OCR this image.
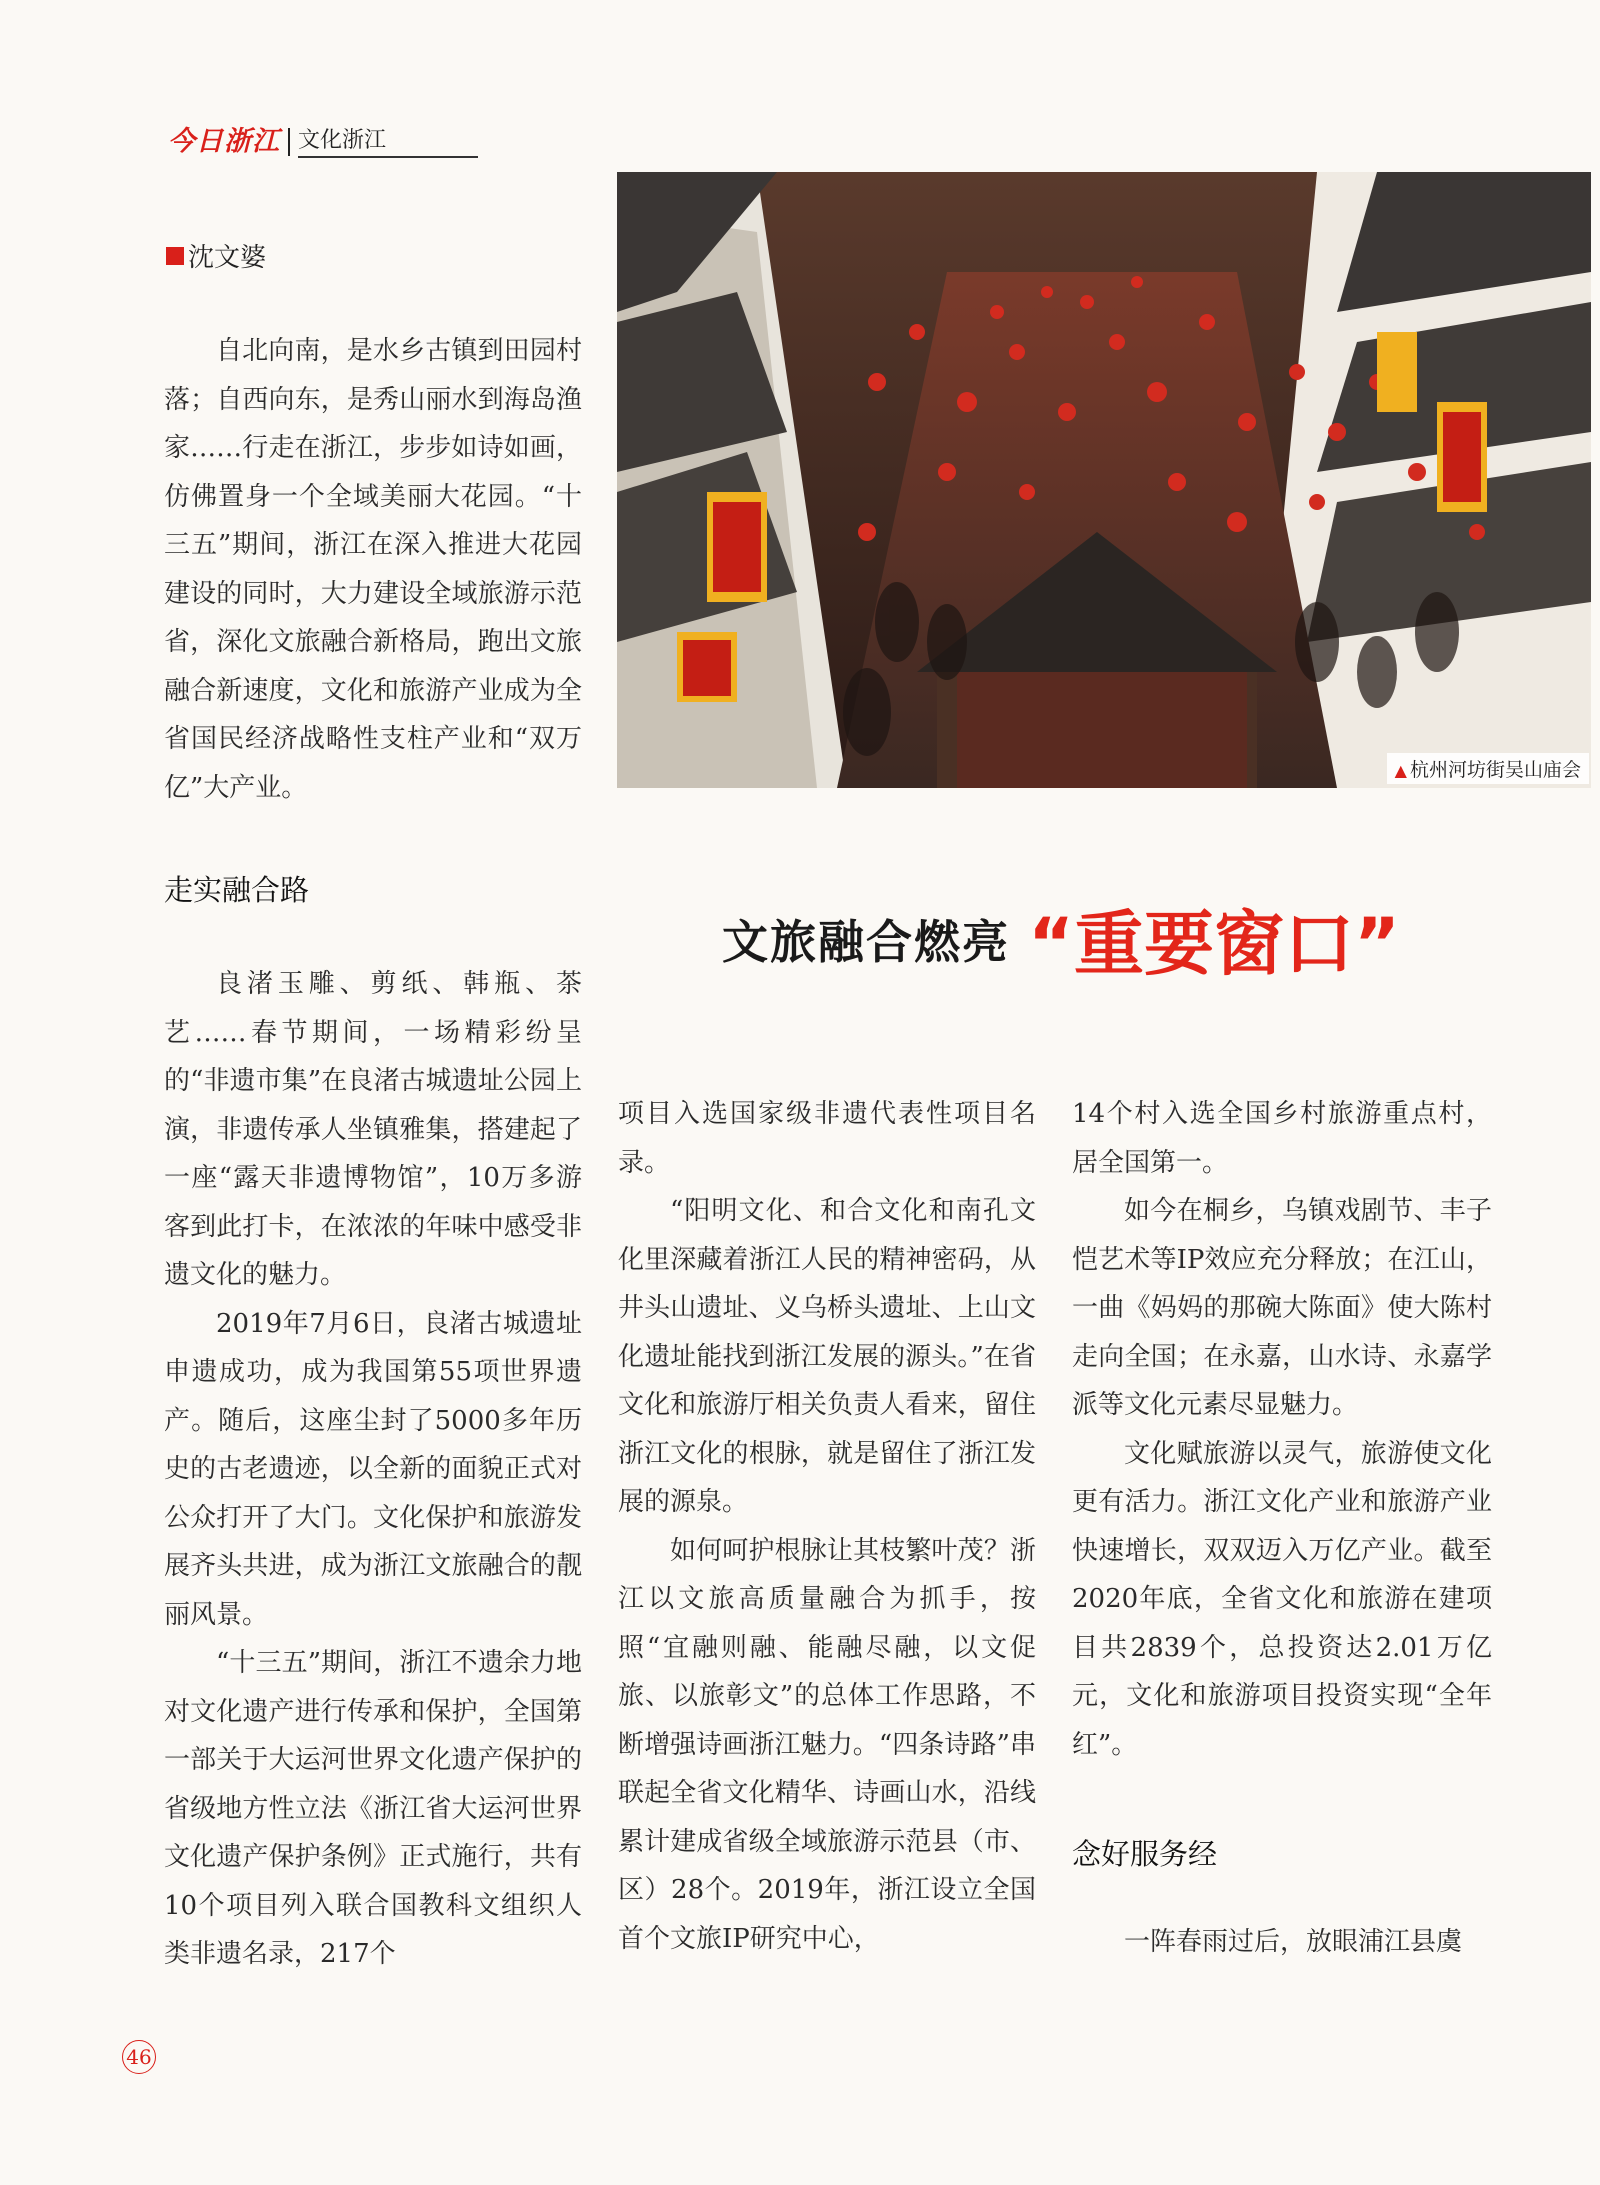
今日浙江 文化浙江
沈文婆

自北向南，是水乡古镇到田园村落；自西向东，是秀山丽水到海岛渔家……行走在浙江，步步如诗如画，仿佛置身一个全域美丽大花园。“十三五”期间，浙江在深入推进大花园建设的同时，大力建设全域旅游示范省，深化文旅融合新格局，跑出文旅融合新速度，文化和旅游产业成为全省国民经济战略性支柱产业和“双万亿”大产业。

▲ 杭州河坊街吴山庙会
文旅融合燃亮 “重要窗口”
走实融合路

良渚玉雕、剪纸、韩瓶、茶艺……春节期间，一场精彩纷呈的“非遗市集”在良渚古城遗址公园上演，非遗传承人坐镇雅集，搭建起了一座“露天非遗博物馆”，10万多游客到此打卡，在浓浓的年味中感受非遗文化的魅力。

2019年7月6日，良渚古城遗址申遗成功，成为我国第55项世界遗产。随后，这座尘封了5000多年历史的古老遗迹，以全新的面貌正式对公众打开了大门。文化保护和旅游发展齐头共进，成为浙江文旅融合的靓丽风景。

“十三五”期间，浙江不遗余力地对文化遗产进行传承和保护，全国第一部关于大运河世界文化遗产保护的省级地方性立法《浙江省大运河世界文化遗产保护条例》正式施行，共有10个项目列入联合国教科文组织人类非遗名录，217个

项目入选国家级非遗代表性项目名录。

“阳明文化、和合文化和南孔文化里深藏着浙江人民的精神密码，从井头山遗址、义乌桥头遗址、上山文化遗址能找到浙江发展的源头。”在省文化和旅游厅相关负责人看来，留住浙江文化的根脉，就是留住了浙江发展的源泉。

如何呵护根脉让其枝繁叶茂？浙江以文旅高质量融合为抓手，按照“宜融则融、能融尽融，以文促旅、以旅彰文”的总体工作思路，不断增强诗画浙江魅力。“四条诗路”串联起全省文化精华、诗画山水，沿线累计建成省级全域旅游示范县（市、区）28个。2019年，浙江设立全国首个文旅IP研究中心，

14个村入选全国乡村旅游重点村，居全国第一。

如今在桐乡，乌镇戏剧节、丰子恺艺术等IP效应充分释放；在江山，一曲《妈妈的那碗大陈面》使大陈村走向全国；在永嘉，山水诗、永嘉学派等文化元素尽显魅力。

文化赋旅游以灵气，旅游使文化更有活力。浙江文化产业和旅游产业快速增长，双双迈入万亿产业。截至2020年底，全省文化和旅游在建项目共2839个，总投资达2.01万亿元，文化和旅游项目投资实现“全年红”。

念好服务经

一阵春雨过后，放眼浦江县虞

46
